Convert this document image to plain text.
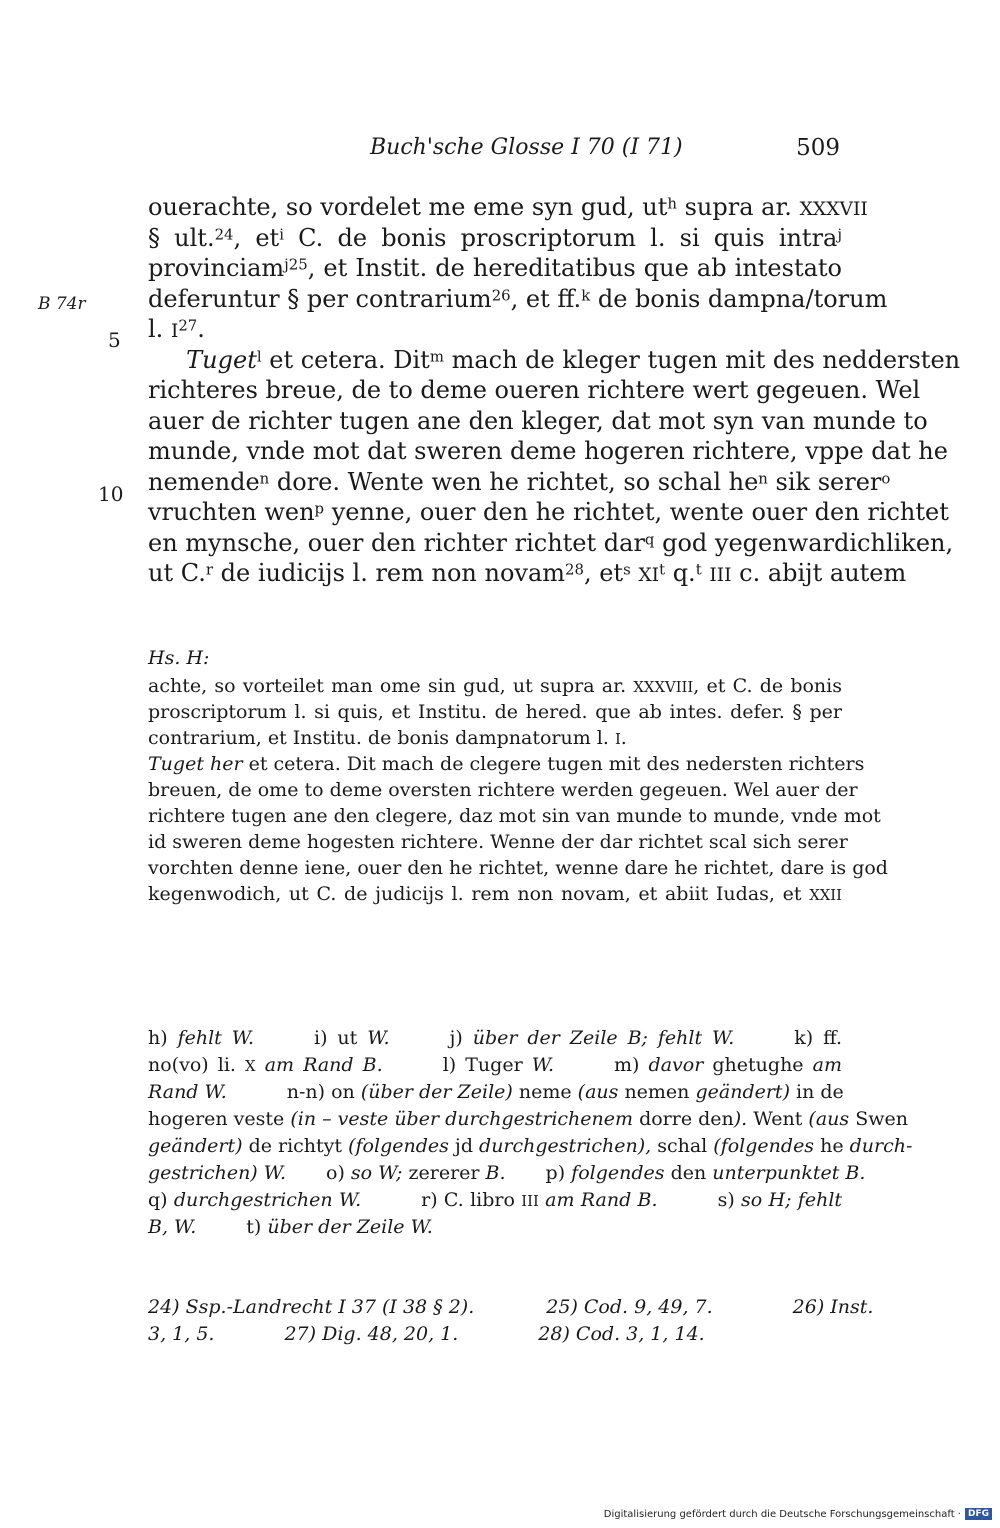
Buch'sche Glosse I 70 (I 71)	509
B 74r
5
10
ouerachte, so vordelet me eme syn gud, $ut^h$ supra ar. XXXVII
§ ult.$^{24}$, $et^i$ C. de bonis proscriptorum l. si quis intra$^j$
provinciam$^{j25}$, et Instit. de hereditatibus que ab intestato
deferuntur § per contrarium$^{26}$, et ff.$^k$ de bonis dampna/torum
l. $I^{27}$.
Tuget$^l$ et cetera. Dit$^m$ mach de kleger tugen mit des neddersten
richteres breue, de to deme oueren richtere wert gegeuen. Wel
auer de richter tugen ane den kleger, dat mot syn van munde to
munde, vnde mot dat sweren deme hogeren richtere, vppe dat he
nemende$^n$ dore. Wente wen he richtet, so schal $he^n$ sik serer$^o$
vruchten wen$^p$ yenne, ouer den he richtet, wente ouer den richtet
en mynsche, ouer den richter richtet dar$^q$ god yegenwardichliken,
ut C.$^r$ de iudicijs l. rem non novam$^{28}$, $et^s$ $XI^t$ q.$^t$ III c. abijt autem
Hs. H:
achte, so vorteilet man ome sin gud, ut supra ar. XXXVIII, et C. de bonis
proscriptorum l. si quis, et Institu. de hered. que ab intes. defer. § per
contrarium, et Institu. de bonis dampnatorum l. I.
Tuget her et cetera. Dit mach de clegere tugen mit des nedersten richters
breuen, de ome to deme oversten richtere werden gegeuen. Wel auer der
richtere tugen ane den clegere, daz mot sin van munde to munde, vnde mot
id sweren deme hogesten richtere. Wenne der dar richtet scal sich serer
vorchten denne iene, ouer den he richtet, wenne dare he richtet, dare is god
kegenwodich, ut C. de judicijs l. rem non novam, et abiit Iudas, et XXII
h) fehlt W.	i) ut W.	j) über der Zeile B; fehlt W.	k) ff.
no(vo) li. X am Rand B.	l) Tuger W.	m) davor ghetughe am
Rand W.	n-n) on (über der Zeile) neme (aus nemen geändert) in de
hogeren veste (in – veste über durchgestrichenem dorre den). Went (aus Swen
geändert) de richtyt (folgendes jd durchgestrichen), schal (folgendes he durch-
gestrichen) W. o) so W; zererer B. p) folgendes den unterpunktet B.
q) durchgestrichen W.	r) C. libro III am Rand B.	s) so H; fehlt
B, W.	t) über der Zeile W.
24) Ssp.-Landrecht I 37 (I 38 § 2).	25) Cod. 9, 49, 7.	26) Inst.
3, 1, 5.	27) Dig. 48, 20, 1.	28) Cod. 3, 1, 14.
Digitalisierung gefördert durch die Deutsche Forschungsgemeinschaft · DFG
